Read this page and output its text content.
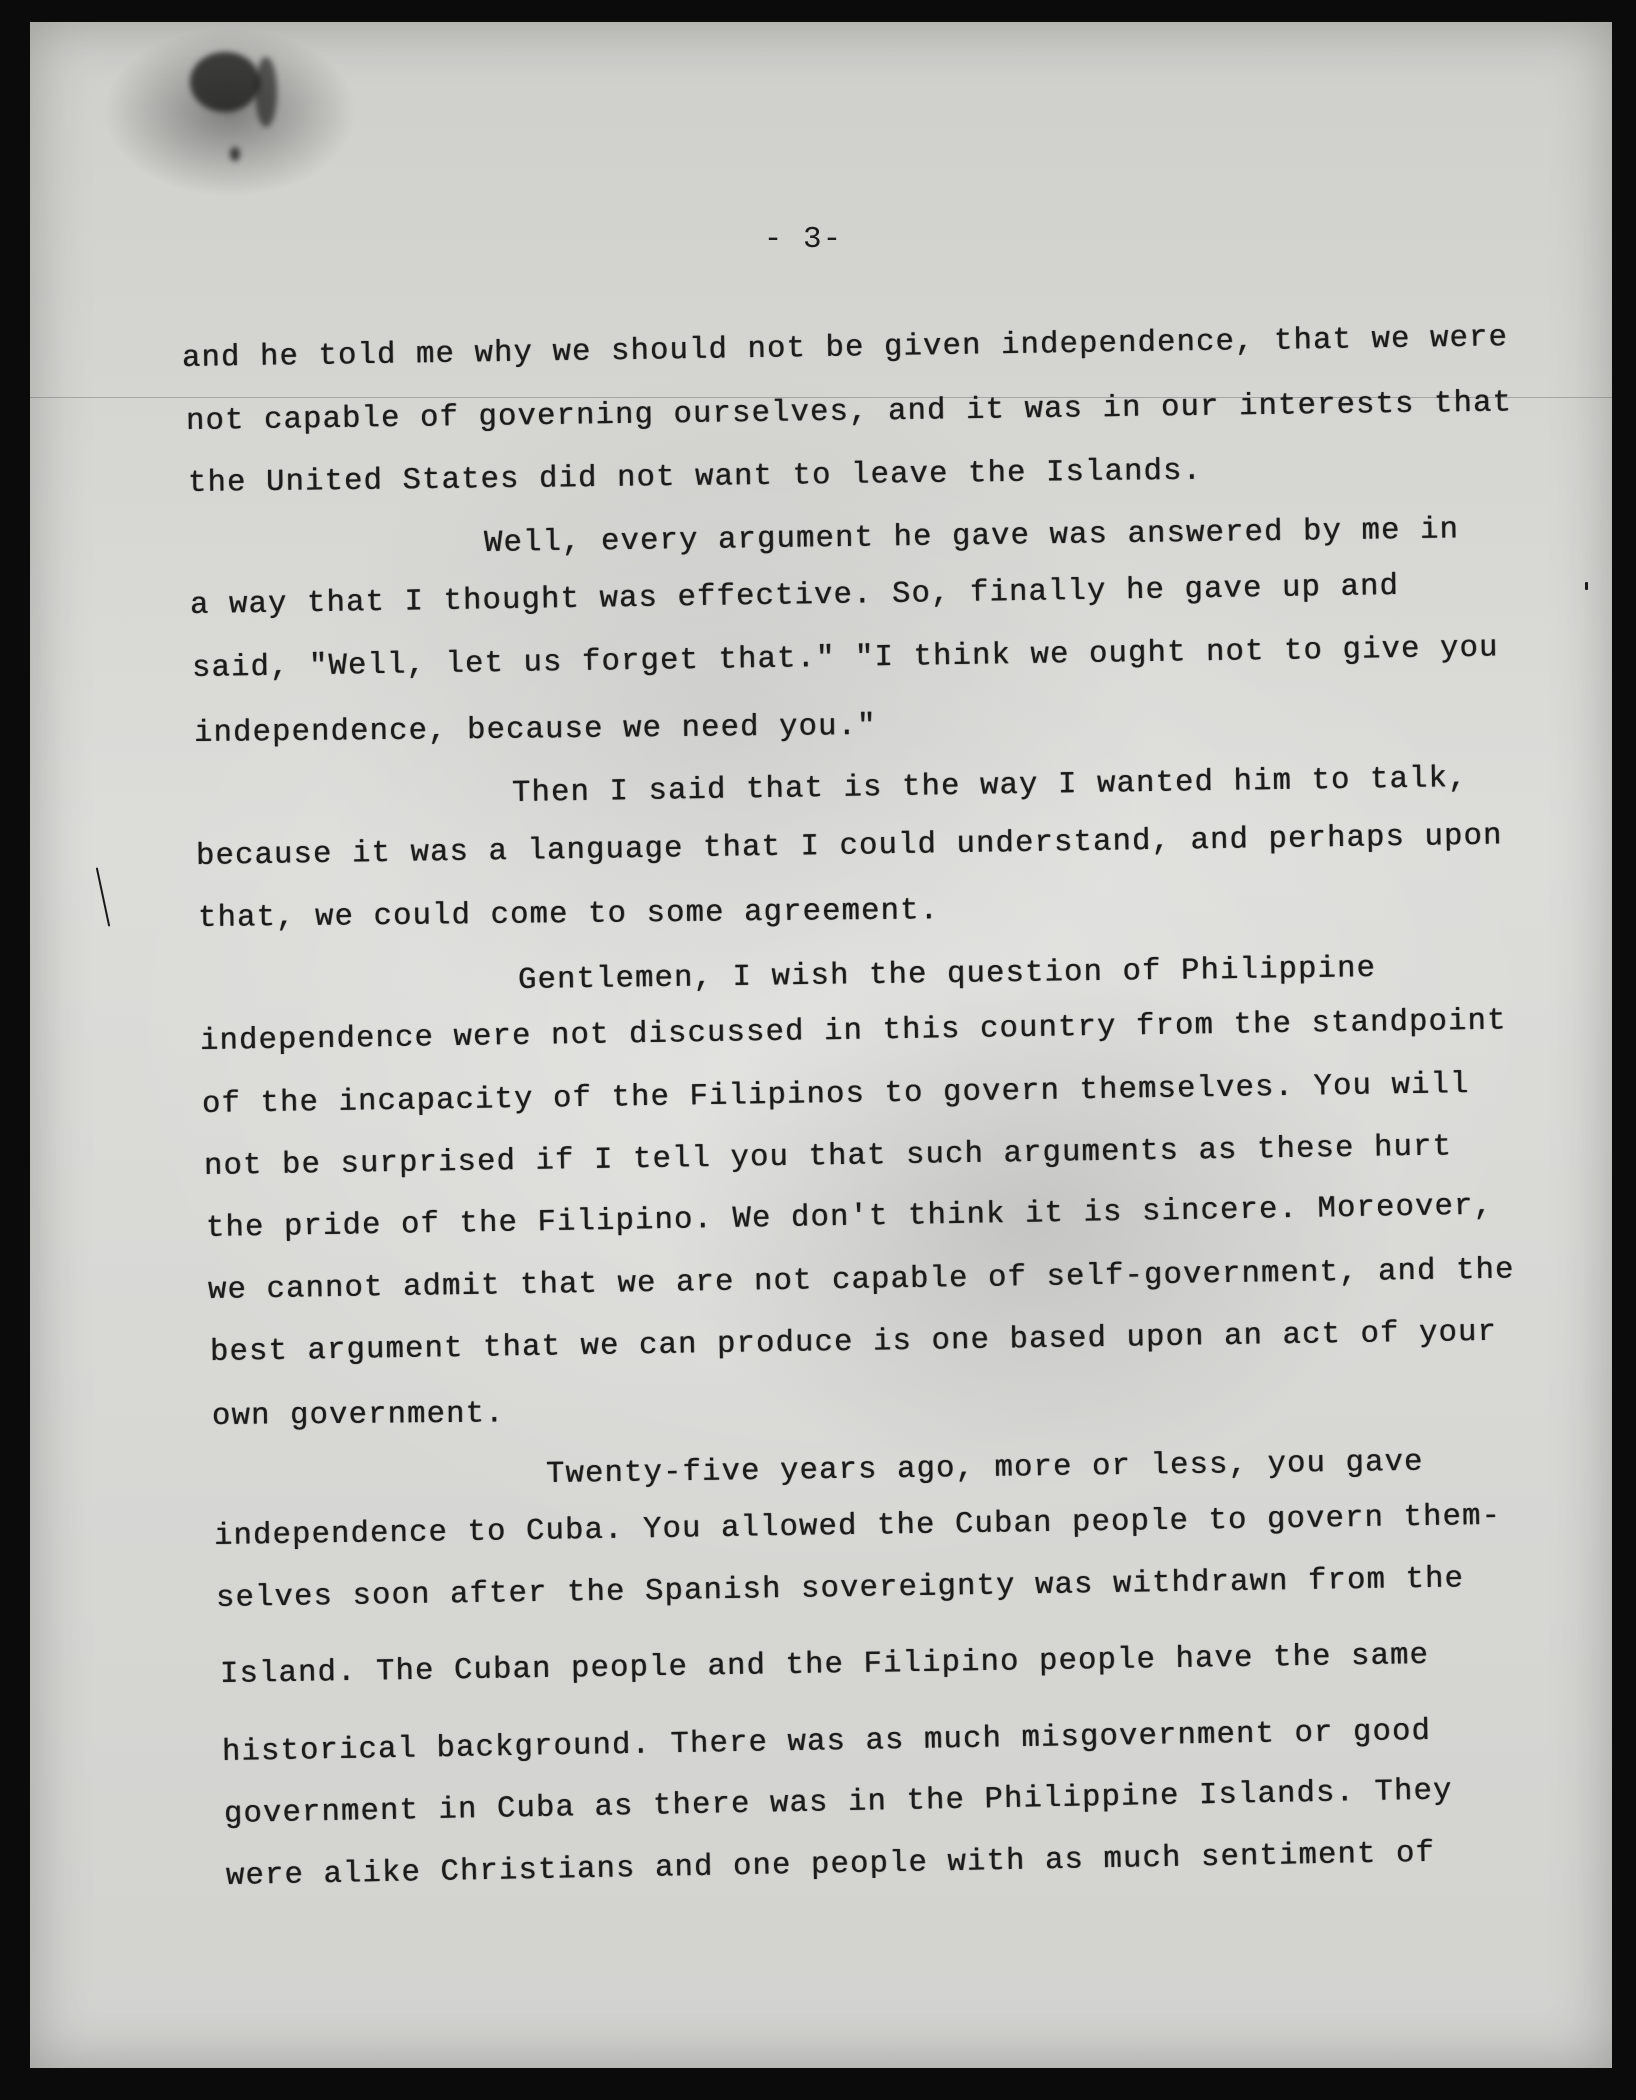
- 3-
and he told me why we should not be given independence, that we were
not capable of governing ourselves, and it was in our interests that
the United States did not want to leave the Islands.
Well, every argument he gave was answered by me in
a way that I thought was effective. So, finally he gave up and
said, "Well, let us forget that." "I think we ought not to give you
independence, because we need you."
Then I said that is the way I wanted him to talk,
because it was a language that I could understand, and perhaps upon
that, we could come to some agreement.
Gentlemen, I wish the question of Philippine
independence were not discussed in this country from the standpoint
of the incapacity of the Filipinos to govern themselves. You will
not be surprised if I tell you that such arguments as these hurt
the pride of the Filipino. We don't think it is sincere. Moreover,
we cannot admit that we are not capable of self-government, and the
best argument that we can produce is one based upon an act of your
own government.
Twenty-five years ago, more or less, you gave
independence to Cuba. You allowed the Cuban people to govern them-
selves soon after the Spanish sovereignty was withdrawn from the
Island. The Cuban people and the Filipino people have the same
historical background. There was as much misgovernment or good
government in Cuba as there was in the Philippine Islands. They
were alike Christians and one people with as much sentiment of
